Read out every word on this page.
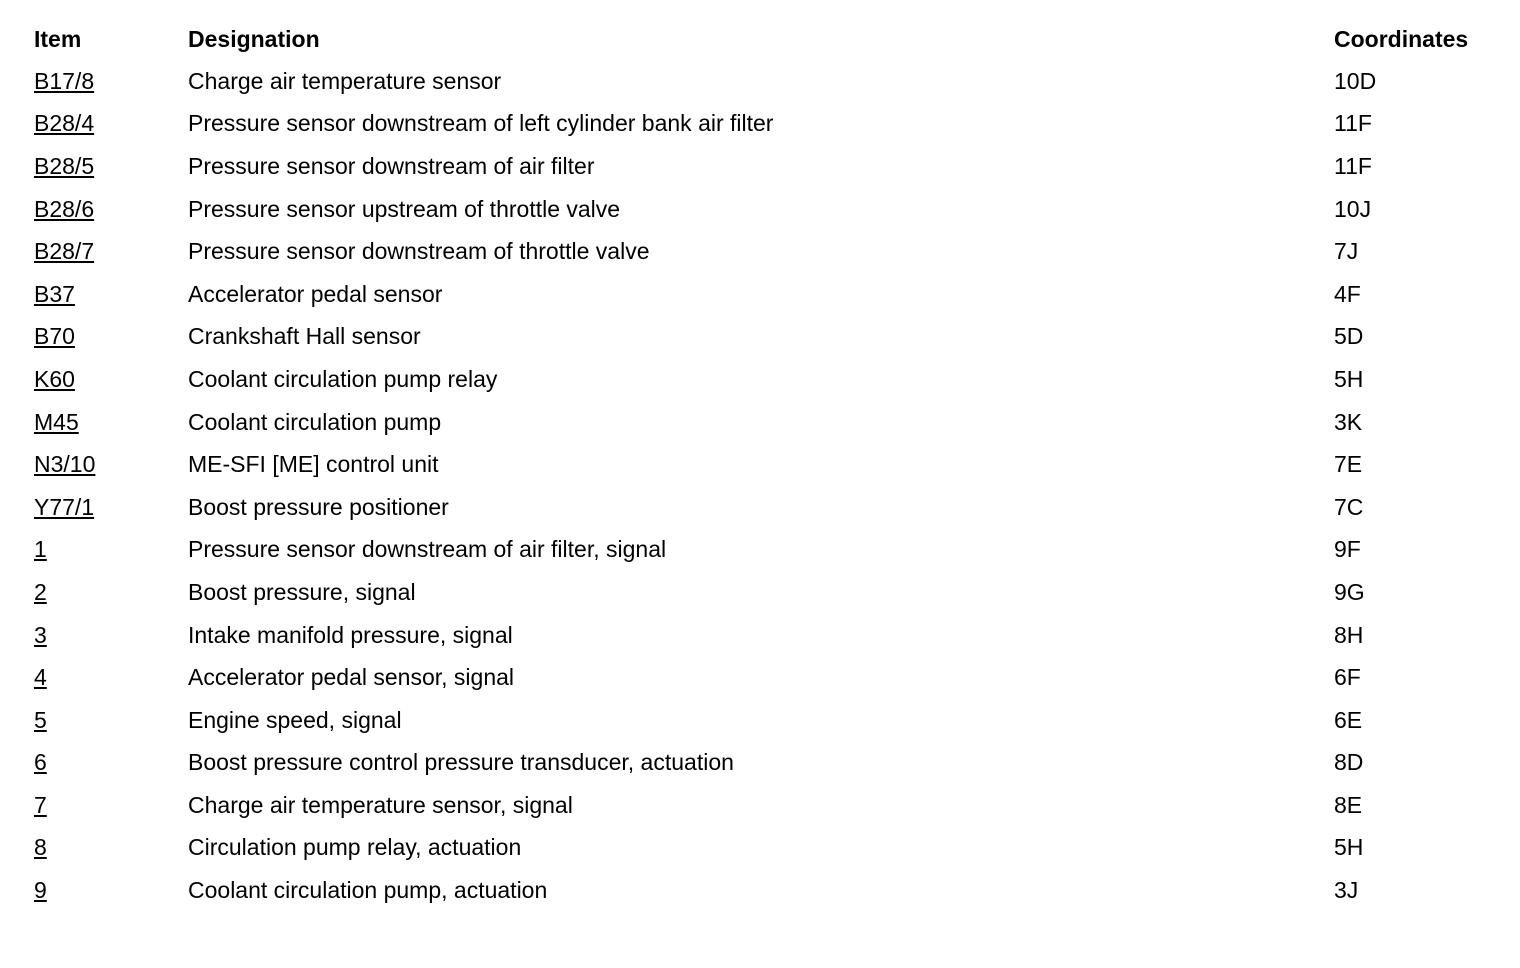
Item	Designation	Coordinates
B17/8	Charge air temperature sensor	10D
B28/4	Pressure sensor downstream of left cylinder bank air filter	11F
B28/5	Pressure sensor downstream of air filter	11F
B28/6	Pressure sensor upstream of throttle valve	10J
B28/7	Pressure sensor downstream of throttle valve	7J
B37	Accelerator pedal sensor	4F
B70	Crankshaft Hall sensor	5D
K60	Coolant circulation pump relay	5H
M45	Coolant circulation pump	3K
N3/10	ME-SFI [ME] control unit	7E
Y77/1	Boost pressure positioner	7C
1	Pressure sensor downstream of air filter, signal	9F
2	Boost pressure, signal	9G
3	Intake manifold pressure, signal	8H
4	Accelerator pedal sensor, signal	6F
5	Engine speed, signal	6E
6	Boost pressure control pressure transducer, actuation	8D
7	Charge air temperature sensor, signal	8E
8	Circulation pump relay, actuation	5H
9	Coolant circulation pump, actuation	3J
